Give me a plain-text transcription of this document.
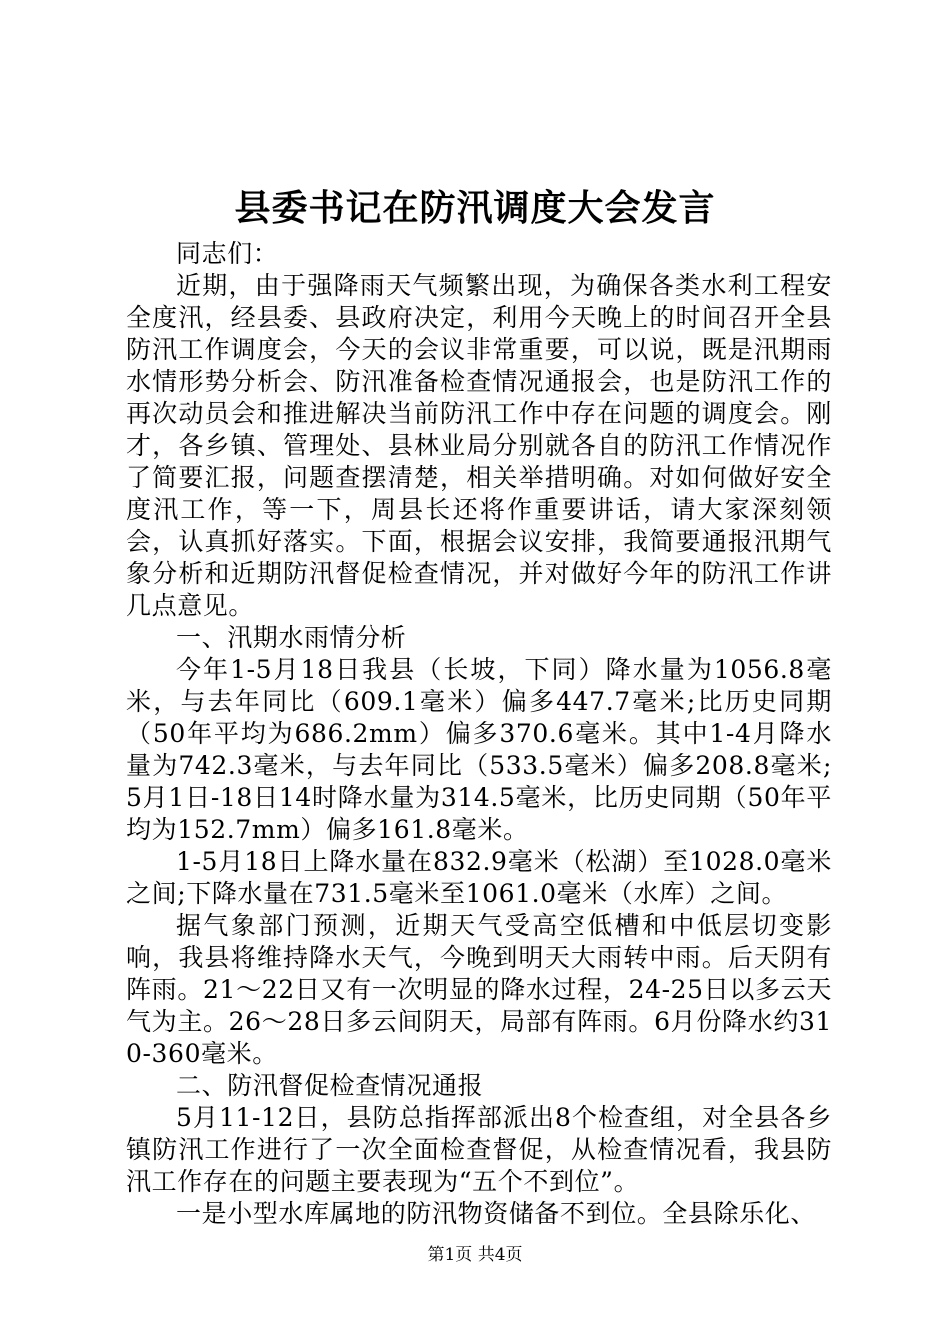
县委书记在防汛调度大会发言

同志们：

近期，由于强降雨天气频繁出现，为确保各类水利工程安全度汛，经县委、县政府决定，利用今天晚上的时间召开全县防汛工作调度会，今天的会议非常重要，可以说，既是汛期雨水情形势分析会、防汛准备检查情况通报会，也是防汛工作的再次动员会和推进解决当前防汛工作中存在问题的调度会。刚才，各乡镇、管理处、县林业局分别就各自的防汛工作情况作了简要汇报，问题查摆清楚，相关举措明确。对如何做好安全度汛工作，等一下，周县长还将作重要讲话，请大家深刻领会，认真抓好落实。下面，根据会议安排，我简要通报汛期气象分析和近期防汛督促检查情况，并对做好今年的防汛工作讲几点意见。

一、汛期水雨情分析

今年1-5月18日我县（长坡，下同）降水量为1056.8毫米，与去年同比（609.1毫米）偏多447.7毫米;比历史同期（50年平均为686.2mm）偏多370.6毫米。其中1-4月降水量为742.3毫米，与去年同比（533.5毫米）偏多208.8毫米;5月1日-18日14时降水量为314.5毫米，比历史同期（50年平均为152.7mm）偏多161.8毫米。

1-5月18日上降水量在832.9毫米（松湖）至1028.0毫米之间;下降水量在731.5毫米至1061.0毫米（水库）之间。

据气象部门预测，近期天气受高空低槽和中低层切变影响，我县将维持降水天气，今晚到明天大雨转中雨。后天阴有阵雨。21～22日又有一次明显的降水过程，24-25日以多云天气为主。26～28日多云间阴天，局部有阵雨。6月份降水约310-360毫米。

二、防汛督促检查情况通报

5月11-12日，县防总指挥部派出8个检查组，对全县各乡镇防汛工作进行了一次全面检查督促，从检查情况看，我县防汛工作存在的问题主要表现为“五个不到位”。

一是小型水库属地的防汛物资储备不到位。全县除乐化、

第1页 共4页
